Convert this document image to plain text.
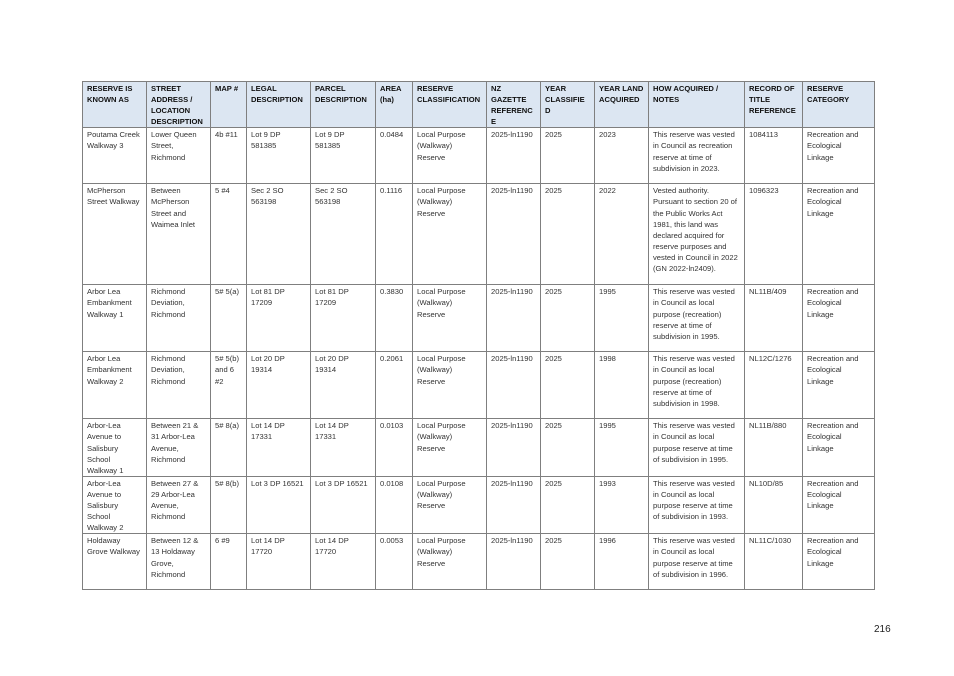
RESERVE IS KNOWN AS	STREET ADDRESS / LOCATION DESCRIPTION	MAP #	LEGAL DESCRIPTION	PARCEL DESCRIPTION	AREA (ha)	RESERVE CLASSIFICATION	NZ GAZETTE REFERENCE	YEAR CLASSIFIED	YEAR LAND ACQUIRED	HOW ACQUIRED / NOTES	RECORD OF TITLE REFERENCE	RESERVE CATEGORY
Poutama Creek Walkway 3	Lower Queen Street, Richmond	4b #11	Lot 9 DP 581385	Lot 9 DP 581385	0.0484	Local Purpose (Walkway) Reserve	2025-ln1190	2025	2023	This reserve was vested in Council as recreation reserve at time of subdivision in 2023.	1084113	Recreation and Ecological Linkage
McPherson Street Walkway	Between McPherson Street and Waimea Inlet	5 #4	Sec 2 SO 563198	Sec 2 SO 563198	0.1116	Local Purpose (Walkway) Reserve	2025-ln1190	2025	2022	Vested authority. Pursuant to section 20 of the Public Works Act 1981, this land was declared acquired for reserve purposes and vested in Council in 2022 (GN 2022-ln2409).	1096323	Recreation and Ecological Linkage
Arbor Lea Embankment Walkway 1	Richmond Deviation, Richmond	5# 5(a)	Lot 81 DP 17209	Lot 81 DP 17209	0.3830	Local Purpose (Walkway) Reserve	2025-ln1190	2025	1995	This reserve was vested in Council as local purpose (recreation) reserve at time of subdivision in 1995.	NL11B/409	Recreation and Ecological Linkage
Arbor Lea Embankment Walkway 2	Richmond Deviation, Richmond	5# 5(b) and 6 #2	Lot 20 DP 19314	Lot 20 DP 19314	0.2061	Local Purpose (Walkway) Reserve	2025-ln1190	2025	1998	This reserve was vested in Council as local purpose (recreation) reserve at time of subdivision in 1998.	NL12C/1276	Recreation and Ecological Linkage
Arbor-Lea Avenue to Salisbury School Walkway 1	Between 21 & 31 Arbor-Lea Avenue, Richmond	5# 8(a)	Lot 14 DP 17331	Lot 14 DP 17331	0.0103	Local Purpose (Walkway) Reserve	2025-ln1190	2025	1995	This reserve was vested in Council as local purpose reserve at time of subdivision in 1995.	NL11B/880	Recreation and Ecological Linkage
Arbor-Lea Avenue to Salisbury School Walkway 2	Between 27 & 29 Arbor-Lea Avenue, Richmond	5# 8(b)	Lot 3 DP 16521	Lot 3 DP 16521	0.0108	Local Purpose (Walkway) Reserve	2025-ln1190	2025	1993	This reserve was vested in Council as local purpose reserve at time of subdivision in 1993.	NL10D/85	Recreation and Ecological Linkage
Holdaway Grove Walkway	Between 12 & 13 Holdaway Grove, Richmond	6 #9	Lot 14 DP 17720	Lot 14 DP 17720	0.0053	Local Purpose (Walkway) Reserve	2025-ln1190	2025	1996	This reserve was vested in Council as local purpose reserve at time of subdivision in 1996.	NL11C/1030	Recreation and Ecological Linkage
216
